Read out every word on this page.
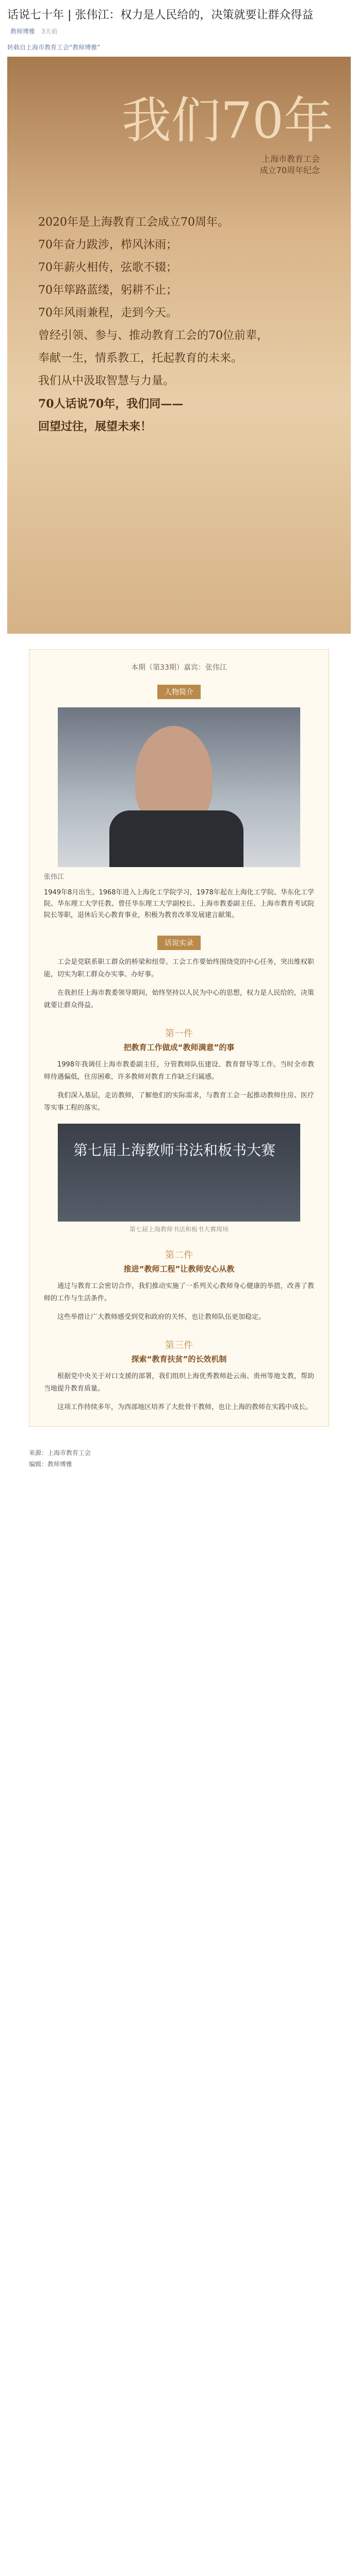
话说七十年 | 张伟江：权力是人民给的，决策就要让群众得益
教师博雅 3天前
转载自上海市教育工会“教师博雅”
我们70年
上海市教育工会
成立70周年纪念
2020年是上海教育工会成立70周年。
70年奋力跋涉，栉风沐雨；
70年薪火相传，弦歌不辍；
70年筚路蓝缕，躬耕不止；
70年风雨兼程，走到今天。
曾经引领、参与、推动教育工会的70位前辈，
奉献一生，情系教工，托起教育的未来。
我们从中汲取智慧与力量。
70人话说70年，我们同——
回望过往，展望未来！
本期（第33期）嘉宾：张伟江
人物简介
张伟江
1949年8月出生。1968年进入上海化工学院学习，1978年起在上海化工学院、华东化工学院、华东理工大学任教、曾任华东理工大学副校长、上海市教委副主任、上海市教育考试院院长等职，退休后关心教育事业，积极为教育改革发展建言献策。
话说实录
工会是党联系职工群众的桥梁和纽带。工会工作要始终围绕党的中心任务，突出维权职能，切实为职工群众办实事、办好事。
在我担任上海市教委领导期间，始终坚持以人民为中心的思想，权力是人民给的，决策就要让群众得益。
第一件
把教育工作做成“教师满意”的事
1998年我调任上海市教委副主任，分管教师队伍建设、教育督导等工作。当时全市教师待遇偏低，住房困难，许多教师对教育工作缺乏归属感。
我们深入基层，走访教师，了解他们的实际需求，与教育工会一起推动教师住房、医疗等实事工程的落实。
第七届上海教师书法和板书大赛
第七届上海教师书法和板书大赛现场
第二件
推进“教师工程”让教师安心从教
通过与教育工会密切合作，我们推动实施了一系列关心教师身心健康的举措，改善了教师的工作与生活条件。
这些举措让广大教师感受到党和政府的关怀，也让教师队伍更加稳定。
第三件
探索“教育扶贫”的长效机制
根据党中央关于对口支援的部署，我们组织上海优秀教师赴云南、贵州等地支教，帮助当地提升教育质量。
这项工作持续多年，为西部地区培养了大批骨干教师，也让上海的教师在实践中成长。
来源：上海市教育工会
编辑：教师博雅
